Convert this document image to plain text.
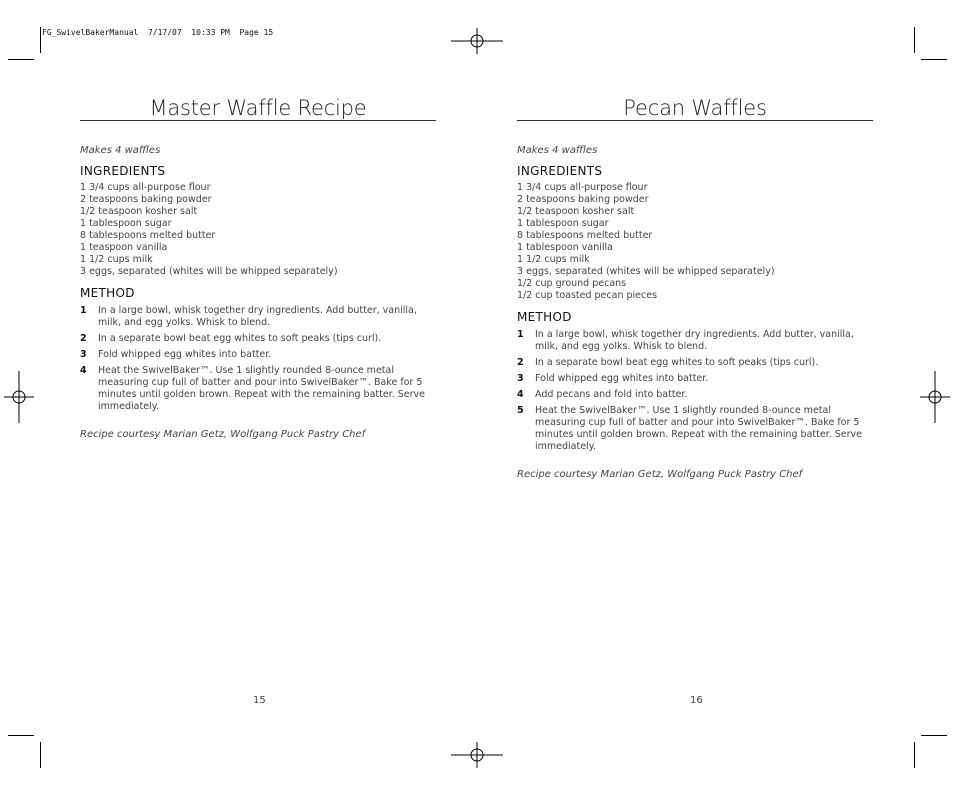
FG_SwivelBakerManual  7/17/07  10:33 PM  Page 15
Master Waffle Recipe
Makes 4 waffles
INGREDIENTS
1 3/4 cups all-purpose flour
2 teaspoons baking powder
1/2 teaspoon kosher salt
1 tablespoon sugar
8 tablespoons melted butter
1 teaspoon vanilla
1 1/2 cups milk
3 eggs, separated (whites will be whipped separately)
METHOD
1	In a large bowl, whisk together dry ingredients. Add butter, vanilla, milk, and egg yolks. Whisk to blend.
2	In a separate bowl beat egg whites to soft peaks (tips curl).
3	Fold whipped egg whites into batter.
4	Heat the SwivelBaker™. Use 1 slightly rounded 8-ounce metal measuring cup full of batter and pour into SwivelBaker™. Bake for 5 minutes until golden brown. Repeat with the remaining batter. Serve immediately.
Recipe courtesy Marian Getz, Wolfgang Puck Pastry Chef
15
Pecan Waffles
Makes 4 waffles
INGREDIENTS
1 3/4 cups all-purpose flour
2 teaspoons baking powder
1/2 teaspoon kosher salt
1 tablespoon sugar
8 tablespoons melted butter
1 tablespoon vanilla
1 1/2 cups milk
3 eggs, separated (whites will be whipped separately)
1/2 cup ground pecans
1/2 cup toasted pecan pieces
METHOD
1	In a large bowl, whisk together dry ingredients. Add butter, vanilla, milk, and egg yolks. Whisk to blend.
2	In a separate bowl beat egg whites to soft peaks (tips curl).
3	Fold whipped egg whites into batter.
4	Add pecans and fold into batter.
5	Heat the SwivelBaker™. Use 1 slightly rounded 8-ounce metal measuring cup full of batter and pour into SwivelBaker™. Bake for 5 minutes until golden brown. Repeat with the remaining batter. Serve immediately.
Recipe courtesy Marian Getz, Wolfgang Puck Pastry Chef
16
